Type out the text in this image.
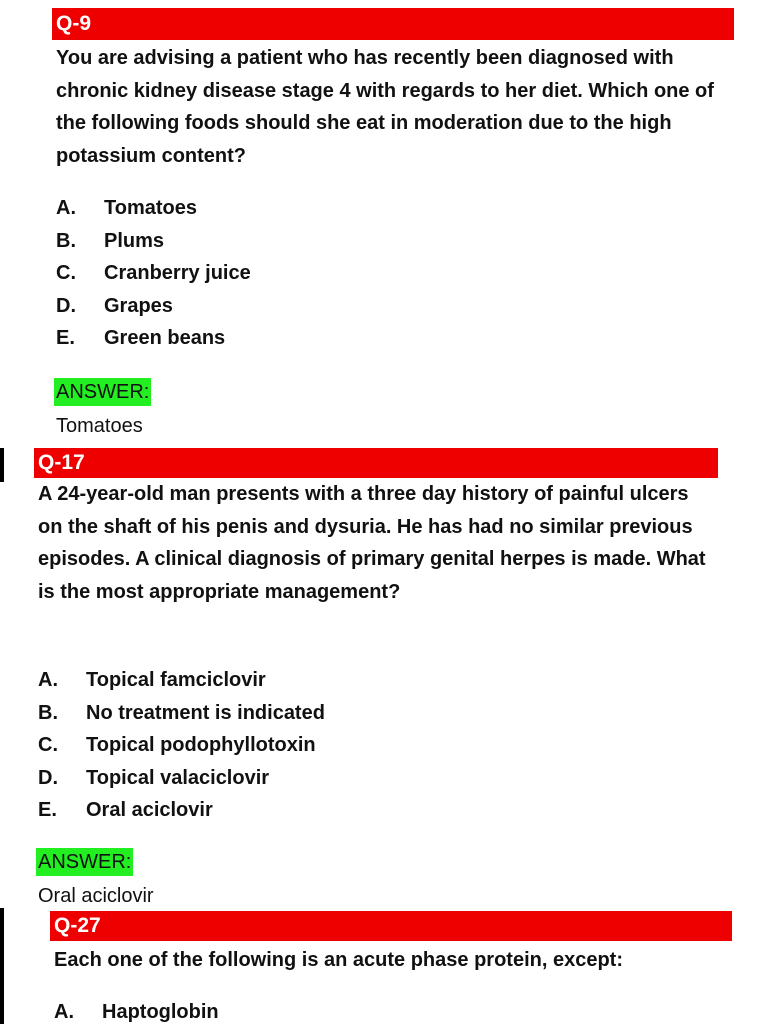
Q-9

You are advising a patient who has recently been diagnosed with chronic kidney disease stage 4 with regards to her diet. Which one of the following foods should she eat in moderation due to the high potassium content?

A. Tomatoes
B. Plums
C. Cranberry juice
D. Grapes
E. Green beans
ANSWER:
Tomatoes
Q-17

A 24-year-old man presents with a three day history of painful ulcers on the shaft of his penis and dysuria. He has had no similar previous episodes. A clinical diagnosis of primary genital herpes is made. What is the most appropriate management?

A. Topical famciclovir
B. No treatment is indicated
C. Topical podophyllotoxin
D. Topical valaciclovir
E. Oral aciclovir
ANSWER:
Oral aciclovir
Q-27

Each one of the following is an acute phase protein, except:

A. Haptoglobin
